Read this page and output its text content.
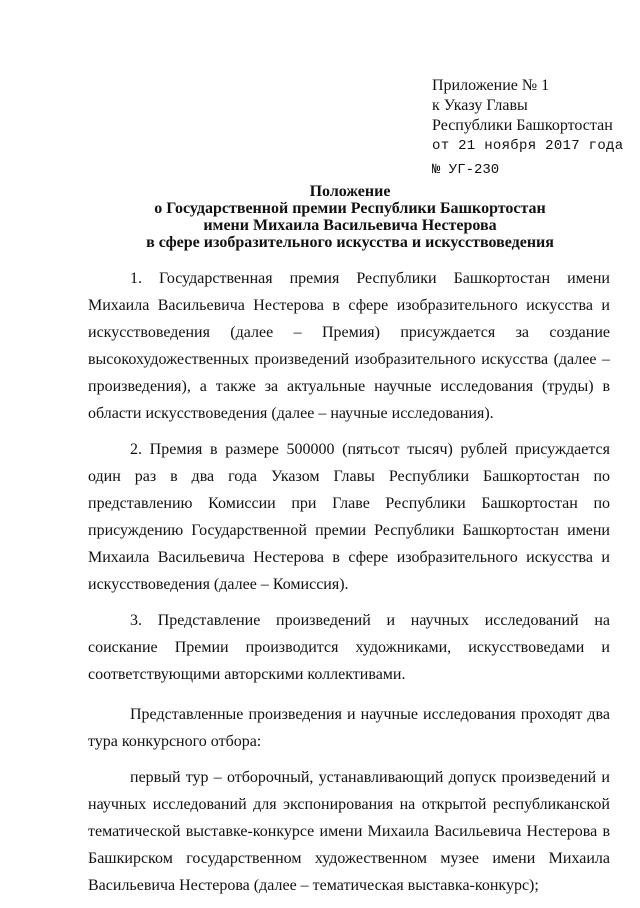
Приложение № 1
к Указу Главы
Республики Башкортостан
от 21 ноября 2017 года
№ УГ-230
Положение
о Государственной премии Республики Башкортостан
имени Михаила Васильевича Нестерова
в сфере изобразительного искусства и искусствоведения

1. Государственная премия Республики Башкортостан имени Михаила Васильевича Нестерова в сфере изобразительного искусства и искусствоведения (далее – Премия) присуждается за создание высокохудожественных произведений изобразительного искусства (далее – произведения), а также за актуальные научные исследования (труды) в области искусствоведения (далее – научные исследования).

2. Премия в размере 500000 (пятьсот тысяч) рублей присуждается один раз в два года Указом Главы Республики Башкортостан по представлению Комиссии при Главе Республики Башкортостан по присуждению Государственной премии Республики Башкортостан имени Михаила Васильевича Нестерова в сфере изобразительного искусства и искусствоведения (далее – Комиссия).

3. Представление произведений и научных исследований на соискание Премии производится художниками, искусствоведами и соответствующими авторскими коллективами.

Представленные произведения и научные исследования проходят два тура конкурсного отбора:

первый тур – отборочный, устанавливающий допуск произведений и научных исследований для экспонирования на открытой республиканской тематической выставке-конкурсе имени Михаила Васильевича Нестерова в Башкирском государственном художественном музее имени Михаила Васильевича Нестерова (далее – тематическая выставка-конкурс);
